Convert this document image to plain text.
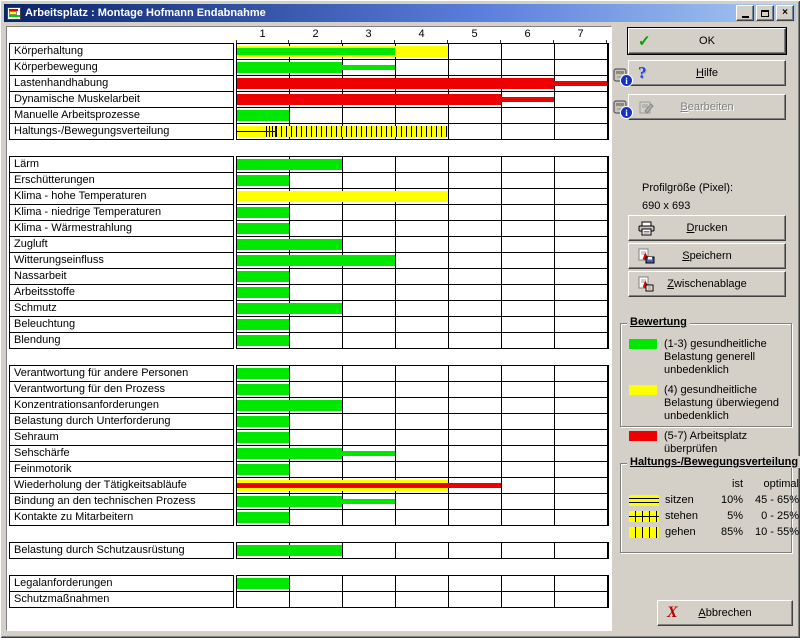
Arbeitsplatz : Montage Hofmann Endabnahme	×
1	2	3	4	5	6	7
Körperhaltung
Körperbewegung
Lastenhandhabung
Dynamische Muskelarbeit
Manuelle Arbeitsprozesse
Haltungs-/Bewegungsverteilung
Lärm
Erschütterungen
Klima - hohe Temperaturen
Klima - niedrige Temperaturen
Klima - Wärmestrahlung
Zugluft
Witterungseinfluss
Nassarbeit
Arbeitsstoffe
Schmutz
Beleuchtung
Blendung
Verantwortung für andere Personen
Verantwortung für den Prozess
Konzentrationsanforderungen
Belastung durch Unterforderung
Sehraum
Sehschärfe
Feinmotorik
Wiederholung der Tätigkeitsabläufe
Bindung an den technischen Prozess
Kontakte zu Mitarbeitern
Belastung durch Schutzausrüstung
Legalanforderungen
Schutzmaßnahmen
✓	OK
?	Hilfe
Bearbeiten
i
i
Profilgröße (Pixel):
690 x 693
Drucken
Speichern
Zwischenablage
Bewertung
(1-3) gesundheitliche Belastung generell unbedenklich
(4) gesundheitliche Belastung überwiegend unbedenklich
(5-7) Arbeitsplatz überprüfen
Haltungs-/Bewegungsverteilung
ist	optimal
sitzen	10%	45 - 65%
stehen	5%	0 - 25%
gehen	85%	10 - 55%
X	Abbrechen
